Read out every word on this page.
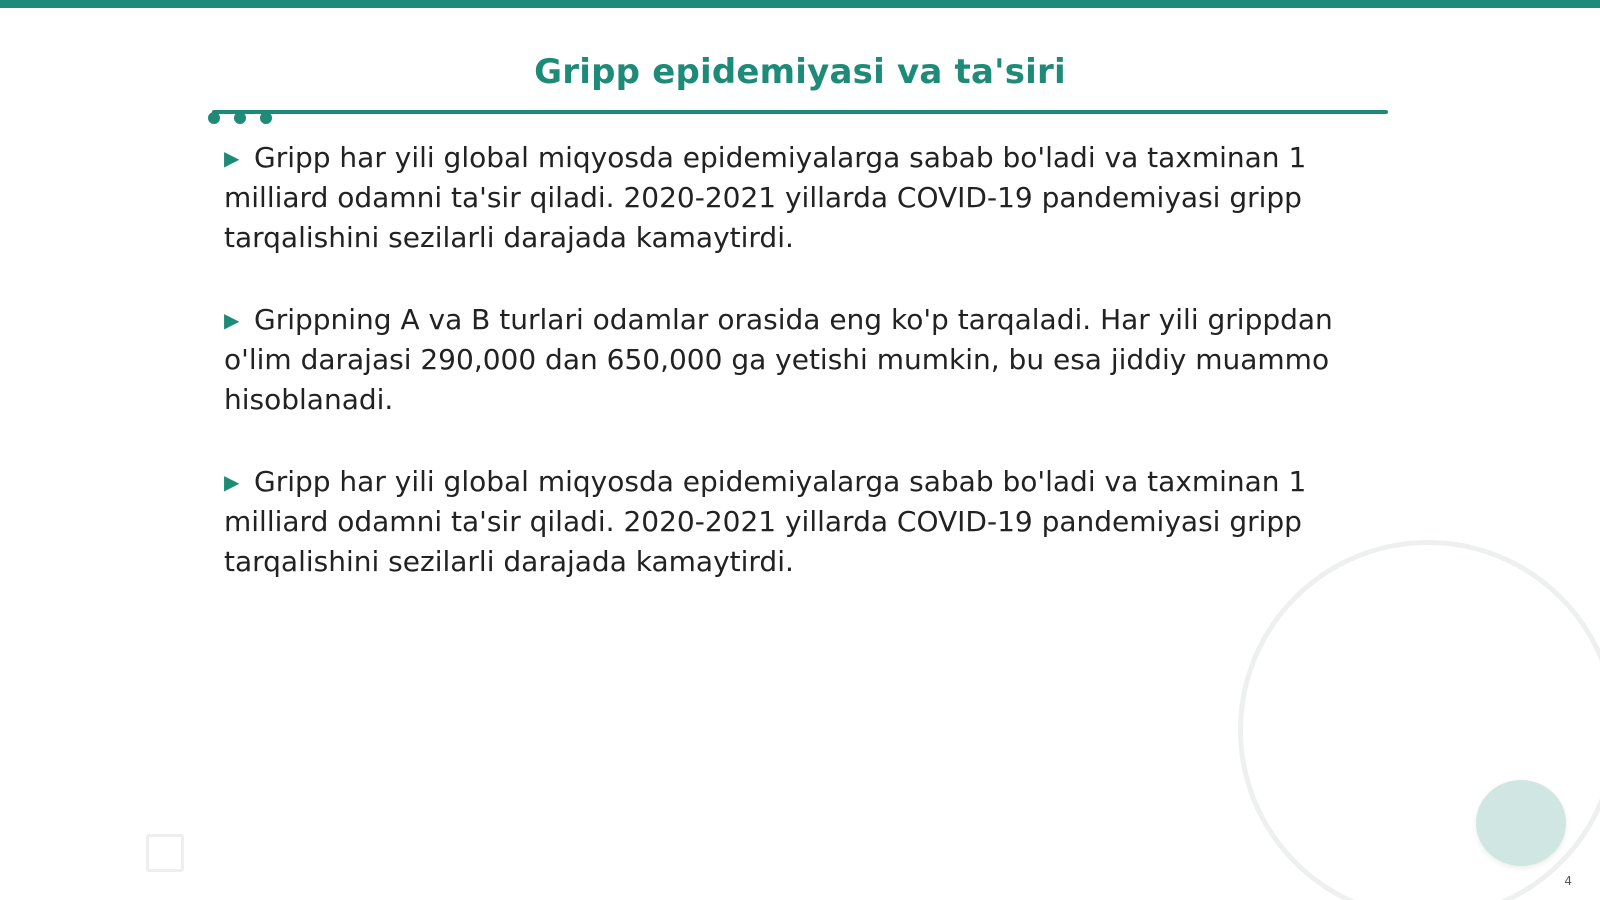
Gripp epidemiyasi va ta'siri
▶ Gripp har yili global miqyosda epidemiyalarga sabab bo'ladi va taxminan 1 milliard odamni ta'sir qiladi. 2020-2021 yillarda COVID-19 pandemiyasi gripp tarqalishini sezilarli darajada kamaytirdi.
▶ Grippning A va B turlari odamlar orasida eng ko'p tarqaladi. Har yili grippdan o'lim darajasi 290,000 dan 650,000 ga yetishi mumkin, bu esa jiddiy muammo hisoblanadi.
▶ Gripp har yili global miqyosda epidemiyalarga sabab bo'ladi va taxminan 1 milliard odamni ta'sir qiladi. 2020-2021 yillarda COVID-19 pandemiyasi gripp tarqalishini sezilarli darajada kamaytirdi.
4
